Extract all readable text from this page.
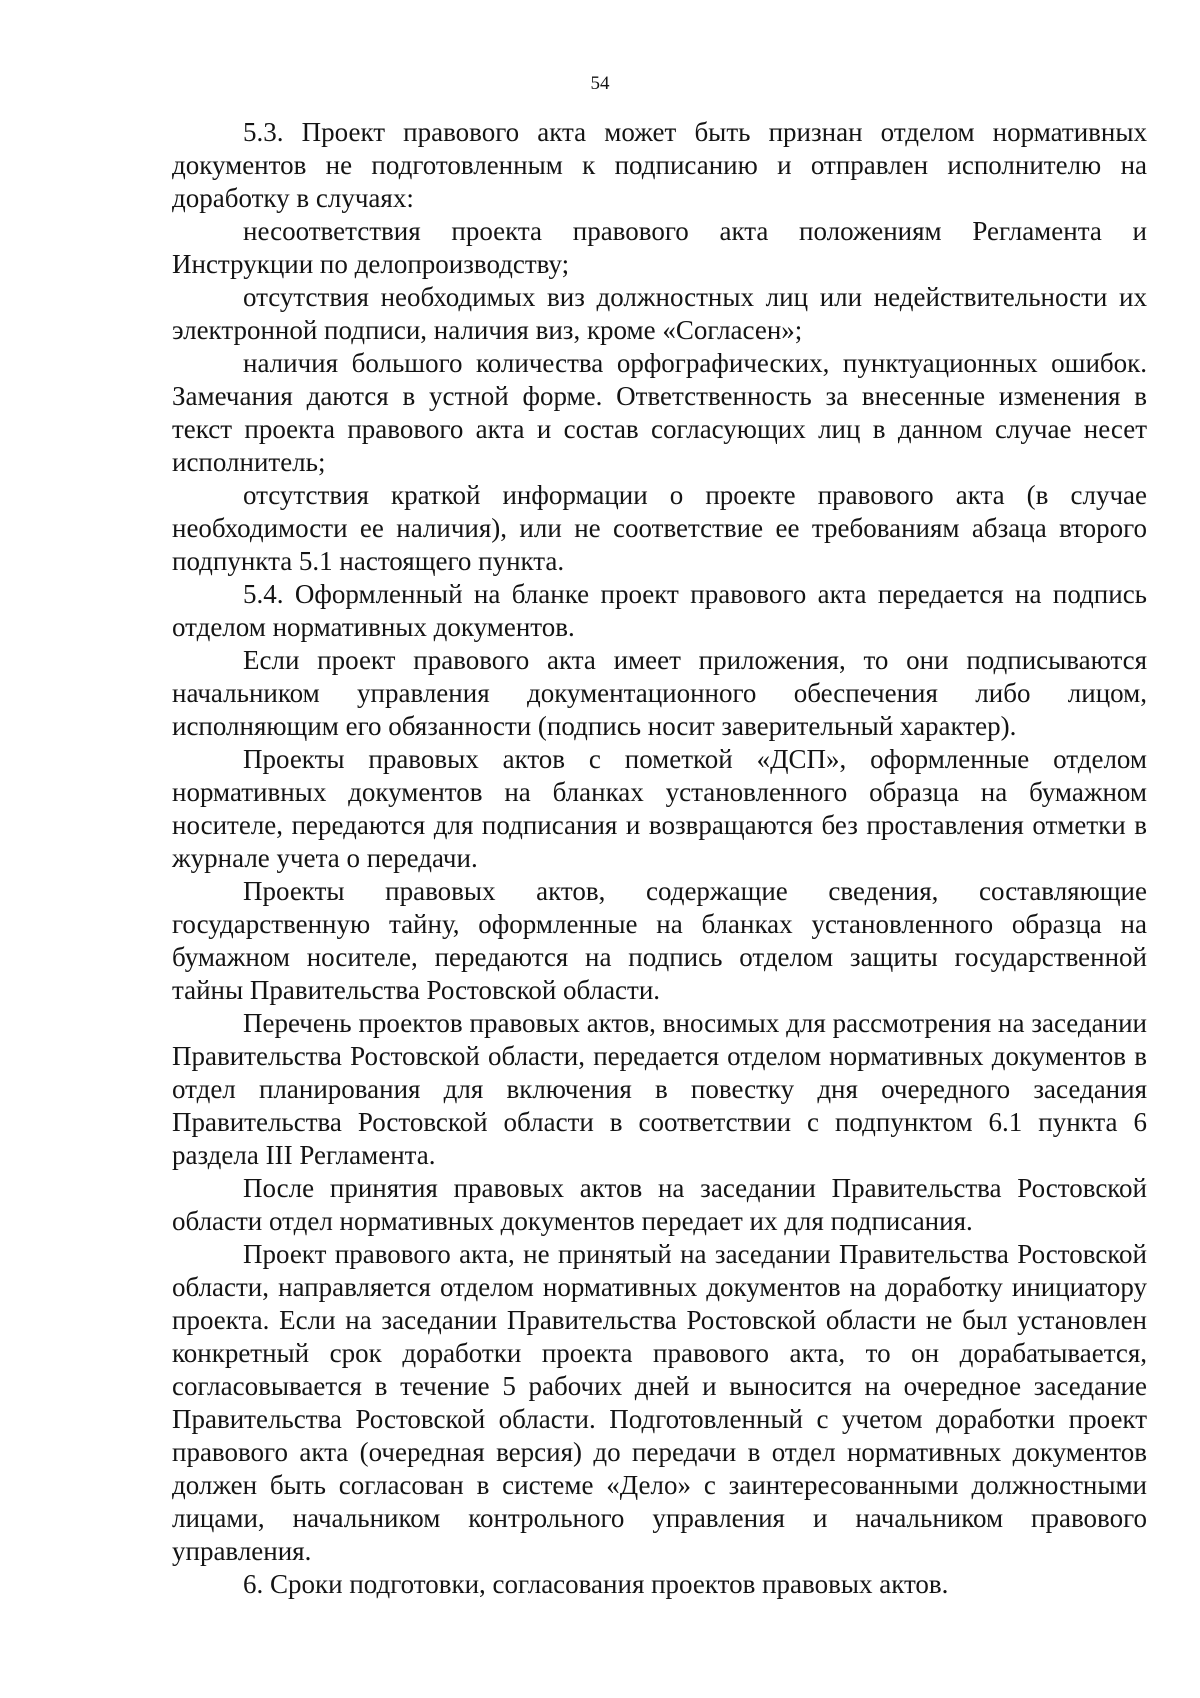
54

5.3. Проект правового акта может быть признан отделом нормативных документов не подготовленным к подписанию и отправлен исполнителю на доработку в случаях:

несоответствия проекта правового акта положениям Регламента и Инструкции по делопроизводству;

отсутствия необходимых виз должностных лиц или недействительности их электронной подписи, наличия виз, кроме «Согласен»;

наличия большого количества орфографических, пунктуационных ошибок. Замечания даются в устной форме. Ответственность за внесенные изменения в текст проекта правового акта и состав согласующих лиц в данном случае несет исполнитель;

отсутствия краткой информации о проекте правового акта (в случае необходимости ее наличия), или не соответствие ее требованиям абзаца второго подпункта 5.1 настоящего пункта.

5.4. Оформленный на бланке проект правового акта передается на подпись отделом нормативных документов.

Если проект правового акта имеет приложения, то они подписываются начальником управления документационного обеспечения либо лицом, исполняющим его обязанности (подпись носит заверительный характер).

Проекты правовых актов с пометкой «ДСП», оформленные отделом нормативных документов на бланках установленного образца на бумажном носителе, передаются для подписания и возвращаются без проставления отметки в журнале учета о передачи.

Проекты правовых актов, содержащие сведения, составляющие государственную тайну, оформленные на бланках установленного образца на бумажном носителе, передаются на подпись отделом защиты государственной тайны Правительства Ростовской области.

Перечень проектов правовых актов, вносимых для рассмотрения на заседании Правительства Ростовской области, передается отделом нормативных документов в отдел планирования для включения в повестку дня очередного заседания Правительства Ростовской области в соответствии с подпунктом 6.1 пункта 6 раздела III Регламента.

После принятия правовых актов на заседании Правительства Ростовской области отдел нормативных документов передает их для подписания.

Проект правового акта, не принятый на заседании Правительства Ростовской области, направляется отделом нормативных документов на доработку инициатору проекта. Если на заседании Правительства Ростовской области не был установлен конкретный срок доработки проекта правового акта, то он дорабатывается, согласовывается в течение 5 рабочих дней и выносится на очередное заседание Правительства Ростовской области. Подготовленный с учетом доработки проект правового акта (очередная версия) до передачи в отдел нормативных документов должен быть согласован в системе «Дело» с заинтересованными должностными лицами, начальником контрольного управления и начальником правового управления.

6. Сроки подготовки, согласования проектов правовых актов.
